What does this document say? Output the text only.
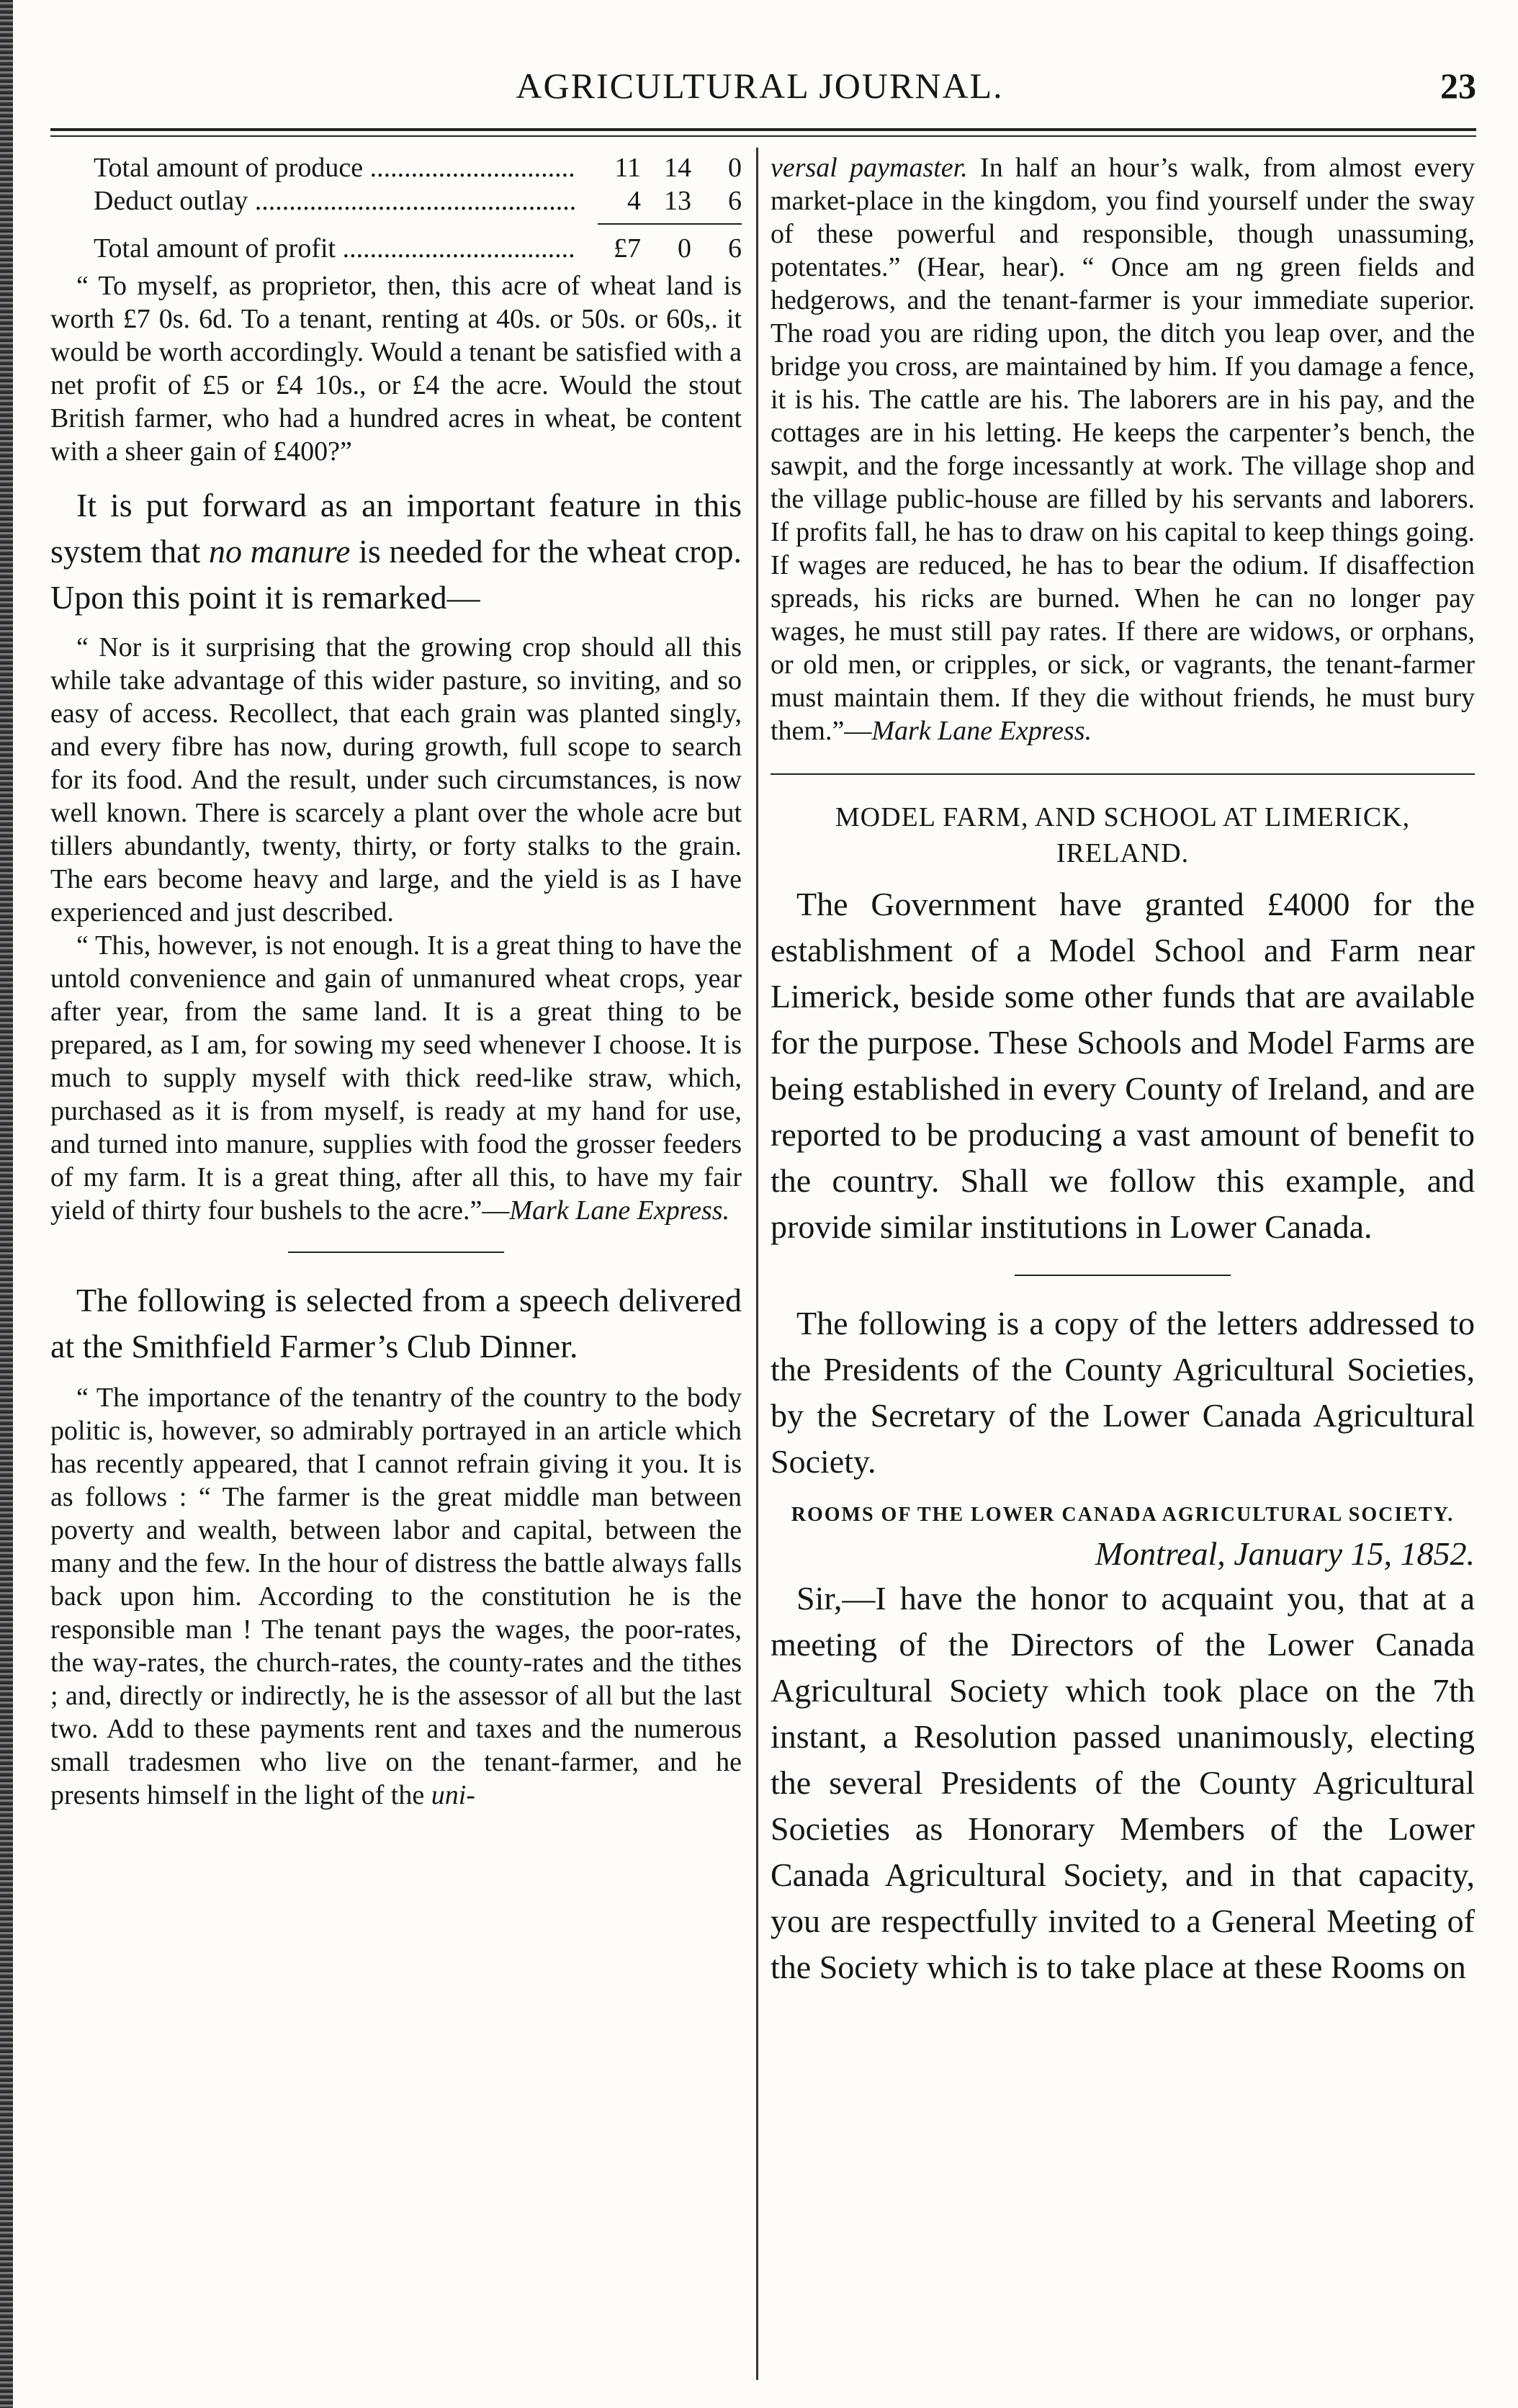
AGRICULTURAL JOURNAL.	23
Total amount of produce .....	11 14	0
Deduct outlay .....	4 13	6
Total amount of profit .....	£7	0	6

“ To myself, as proprietor, then, this acre of wheat land is worth £7 0s. 6d. To a tenant, renting at 40s. or 50s. or 60s,. it would be worth accordingly. Would a tenant be satisfied with a net profit of £5 or £4 10s., or £4 the acre. Would the stout British farmer, who had a hundred acres in wheat, be content with a sheer gain of £400?”

It is put forward as an important feature in this system that no manure is needed for the wheat crop. Upon this point it is remarked—

“ Nor is it surprising that the growing crop should all this while take advantage of this wider pasture, so inviting, and so easy of access. Recollect, that each grain was planted singly, and every fibre has now, during growth, full scope to search for its food. And the result, under such circumstances, is now well known. There is scarcely a plant over the whole acre but tillers abundantly, twenty, thirty, or forty stalks to the grain. The ears become heavy and large, and the yield is as I have experienced and just described.

“ This, however, is not enough. It is a great thing to have the untold convenience and gain of unmanured wheat crops, year after year, from the same land. It is a great thing to be prepared, as I am, for sowing my seed whenever I choose. It is much to supply myself with thick reed-like straw, which, purchased as it is from myself, is ready at my hand for use, and turned into manure, supplies with food the grosser feeders of my farm. It is a great thing, after all this, to have my fair yield of thirty four bushels to the acre.”—Mark Lane Express.

The following is selected from a speech delivered at the Smithfield Farmer’s Club Dinner.

“ The importance of the tenantry of the country to the body politic is, however, so admirably portrayed in an article which has recently appeared, that I cannot refrain giving it you. It is as follows : “ The farmer is the great middle man between poverty and wealth, between labor and capital, between the many and the few. In the hour of distress the battle always falls back upon him. According to the constitution he is the responsible man ! The tenant pays the wages, the poor-rates, the way-rates, the church-rates, the county-rates and the tithes ; and, directly or indirectly, he is the assessor of all but the last two. Add to these payments rent and taxes and the numerous small tradesmen who live on the tenant-farmer, and he presents himself in the light of the uni-

versal paymaster. In half an hour’s walk, from almost every market-place in the kingdom, you find yourself under the sway of these powerful and responsible, though unassuming, potentates.” (Hear, hear). “ Once am ng green fields and hedgerows, and the tenant-farmer is your immediate superior. The road you are riding upon, the ditch you leap over, and the bridge you cross, are maintained by him. If you damage a fence, it is his. The cattle are his. The laborers are in his pay, and the cottages are in his letting. He keeps the carpenter’s bench, the sawpit, and the forge incessantly at work. The village shop and the village public-house are filled by his servants and laborers. If profits fall, he has to draw on his capital to keep things going. If wages are reduced, he has to bear the odium. If disaffection spreads, his ricks are burned. When he can no longer pay wages, he must still pay rates. If there are widows, or orphans, or old men, or cripples, or sick, or vagrants, the tenant-farmer must maintain them. If they die without friends, he must bury them.”—Mark Lane Express.

MODEL FARM, AND SCHOOL AT LIMERICK, IRELAND.

The Government have granted £4000 for the establishment of a Model School and Farm near Limerick, beside some other funds that are available for the purpose. These Schools and Model Farms are being established in every County of Ireland, and are reported to be producing a vast amount of benefit to the country. Shall we follow this example, and provide similar institutions in Lower Canada.

The following is a copy of the letters addressed to the Presidents of the County Agricultural Societies, by the Secretary of the Lower Canada Agricultural Society.

ROOMS OF THE LOWER CANADA AGRICULTURAL SOCIETY.

Montreal, January 15, 1852.

Sir,—I have the honor to acquaint you, that at a meeting of the Directors of the Lower Canada Agricultural Society which took place on the 7th instant, a Resolution passed unanimously, electing the several Presidents of the County Agricultural Societies as Honorary Members of the Lower Canada Agricultural Society, and in that capacity, you are respectfully invited to a General Meeting of the Society which is to take place at these Rooms on
